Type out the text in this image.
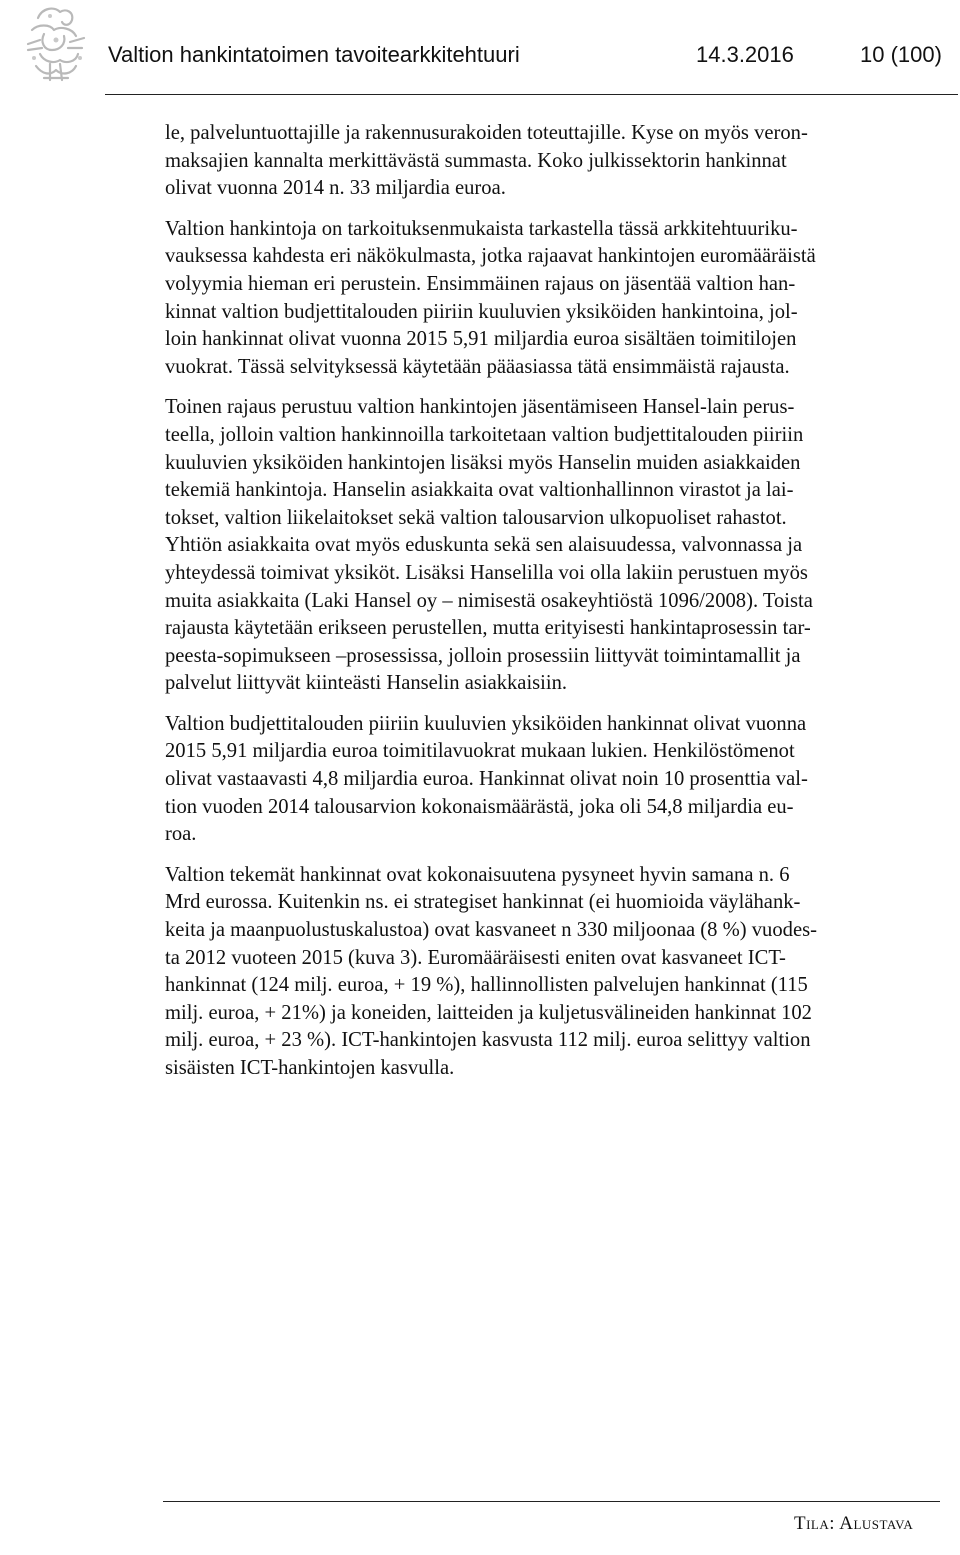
Valtion hankintatoimen tavoitearkkitehtuuri	14.3.2016	10 (100)

le, palveluntuottajille ja rakennusurakoiden toteuttajille. Kyse on myös veron-
maksajien kannalta merkittävästä summasta. Koko julkissektorin hankinnat
olivat vuonna 2014 n. 33 miljardia euroa.

Valtion hankintoja on tarkoituksenmukaista tarkastella tässä arkkitehtuuriku-
vauksessa kahdesta eri näkökulmasta, jotka rajaavat hankintojen euromääräistä
volyymia hieman eri perustein. Ensimmäinen rajaus on jäsentää valtion han-
kinnat valtion budjettitalouden piiriin kuuluvien yksiköiden hankintoina, jol-
loin hankinnat olivat vuonna 2015 5,91 miljardia euroa sisältäen toimitilojen
vuokrat. Tässä selvityksessä käytetään pääasiassa tätä ensimmäistä rajausta.

Toinen rajaus perustuu valtion hankintojen jäsentämiseen Hansel-lain perus-
teella, jolloin valtion hankinnoilla tarkoitetaan valtion budjettitalouden piiriin
kuuluvien yksiköiden hankintojen lisäksi myös Hanselin muiden asiakkaiden
tekemiä hankintoja. Hanselin asiakkaita ovat valtionhallinnon virastot ja lai-
tokset, valtion liikelaitokset sekä valtion talousarvion ulkopuoliset rahastot.
Yhtiön asiakkaita ovat myös eduskunta sekä sen alaisuudessa, valvonnassa ja
yhteydessä toimivat yksiköt. Lisäksi Hanselilla voi olla lakiin perustuen myös
muita asiakkaita (Laki Hansel oy – nimisestä osakeyhtiöstä 1096/2008). Toista
rajausta käytetään erikseen perustellen, mutta erityisesti hankintaprosessin tar-
peesta-sopimukseen –prosessissa, jolloin prosessiin liittyvät toimintamallit ja
palvelut liittyvät kiinteästi Hanselin asiakkaisiin.

Valtion budjettitalouden piiriin kuuluvien yksiköiden hankinnat olivat vuonna
2015 5,91 miljardia euroa toimitilavuokrat mukaan lukien. Henkilöstömenot
olivat vastaavasti 4,8 miljardia euroa. Hankinnat olivat noin 10 prosenttia val-
tion vuoden 2014 talousarvion kokonaismäärästä, joka oli 54,8 miljardia eu-
roa.

Valtion tekemät hankinnat ovat kokonaisuutena pysyneet hyvin samana n. 6
Mrd eurossa. Kuitenkin ns. ei strategiset hankinnat (ei huomioida väylähank-
keita ja maanpuolustuskalustoa) ovat kasvaneet n 330 miljoonaa (8 %) vuodes-
ta 2012 vuoteen 2015 (kuva 3). Euromääräisesti eniten ovat kasvaneet ICT-
hankinnat (124 milj. euroa, + 19 %), hallinnollisten palvelujen hankinnat (115
milj. euroa, + 21%) ja koneiden, laitteiden ja kuljetusvälineiden hankinnat 102
milj. euroa, + 23 %). ICT-hankintojen kasvusta 112 milj. euroa selittyy valtion
sisäisten ICT-hankintojen kasvulla.

Tila: Alustava
